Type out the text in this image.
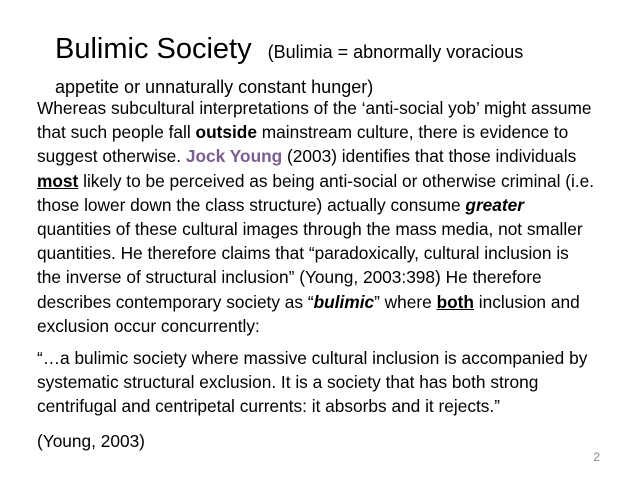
Bulimic Society (Bulimia = abnormally voracious
appetite or unnaturally constant hunger)
Whereas subcultural interpretations of the ‘anti-social yob’ might assume that such people fall outside mainstream culture, there is evidence to suggest otherwise. Jock Young (2003) identifies that those individuals most likely to be perceived as being anti-social or otherwise criminal (i.e. those lower down the class structure) actually consume greater quantities of these cultural images through the mass media, not smaller quantities. He therefore claims that “paradoxically, cultural inclusion is the inverse of structural inclusion” (Young, 2003:398) He therefore describes contemporary society as “bulimic” where both inclusion and exclusion occur concurrently:
“…a bulimic society where massive cultural inclusion is accompanied by systematic structural exclusion. It is a society that has both strong centrifugal and centripetal currents: it absorbs and it rejects.”
(Young, 2003)
2
